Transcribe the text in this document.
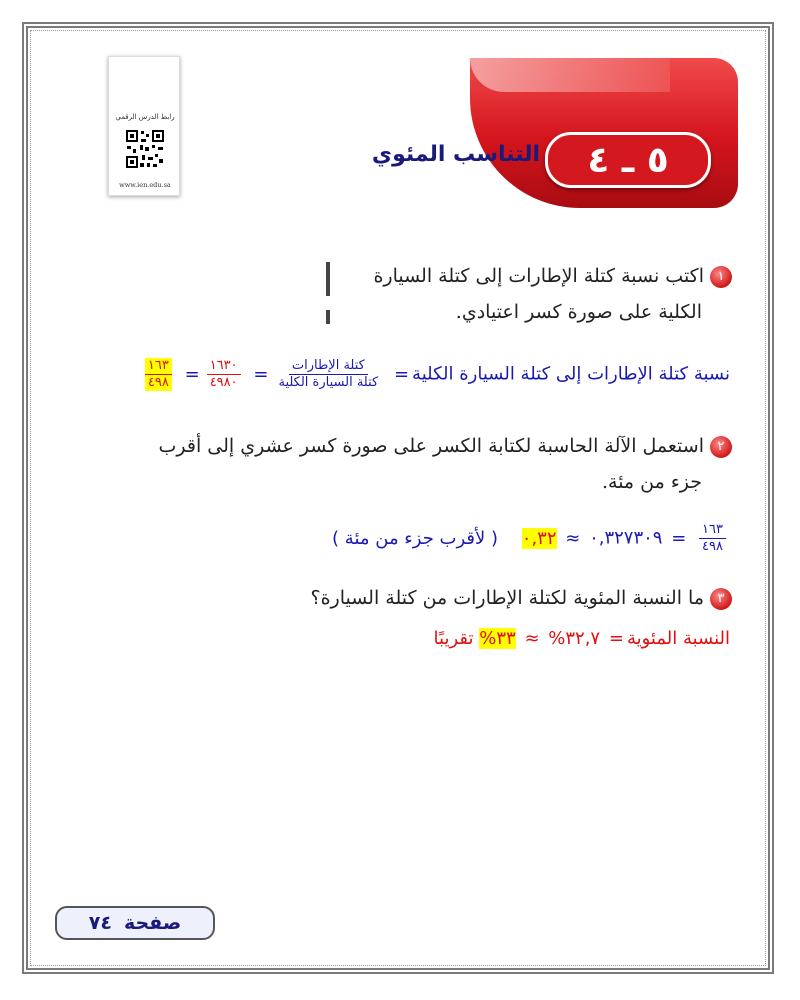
رابط الدرس الرقمي
www.ien.edu.sa
٥ ـ ٤
التناسب المئوي
١اكتب نسبة كتلة الإطارات إلى كتلة السيارة
الكلية على صورة كسر اعتيادي.
نسبة كتلة الإطارات إلى كتلة السيارة الكلية=
$\frac{\text{كتلة الإطارات}}{\text{كتلة السيارة الكلية}}$
=
$\frac{١٦٣٠}{٤٩٨٠}$
=
$\frac{١٦٣}{٤٩٨}$
٢استعمل الآلة الحاسبة لكتابة الكسر على صورة كسر عشري إلى أقرب
جزء من مئة.
$\frac{١٦٣}{٤٩٨}$
= ٠,٣٢٧٣٠٩ ≈ ٠,٣٢ ( لأقرب جزء من مئة )
٣ما النسبة المئوية لكتلة الإطارات من كتلة السيارة؟
النسبة المئوية= ٣٢,٧% ≈ ٣٣% تقريبًا
صفحة
٧٤
